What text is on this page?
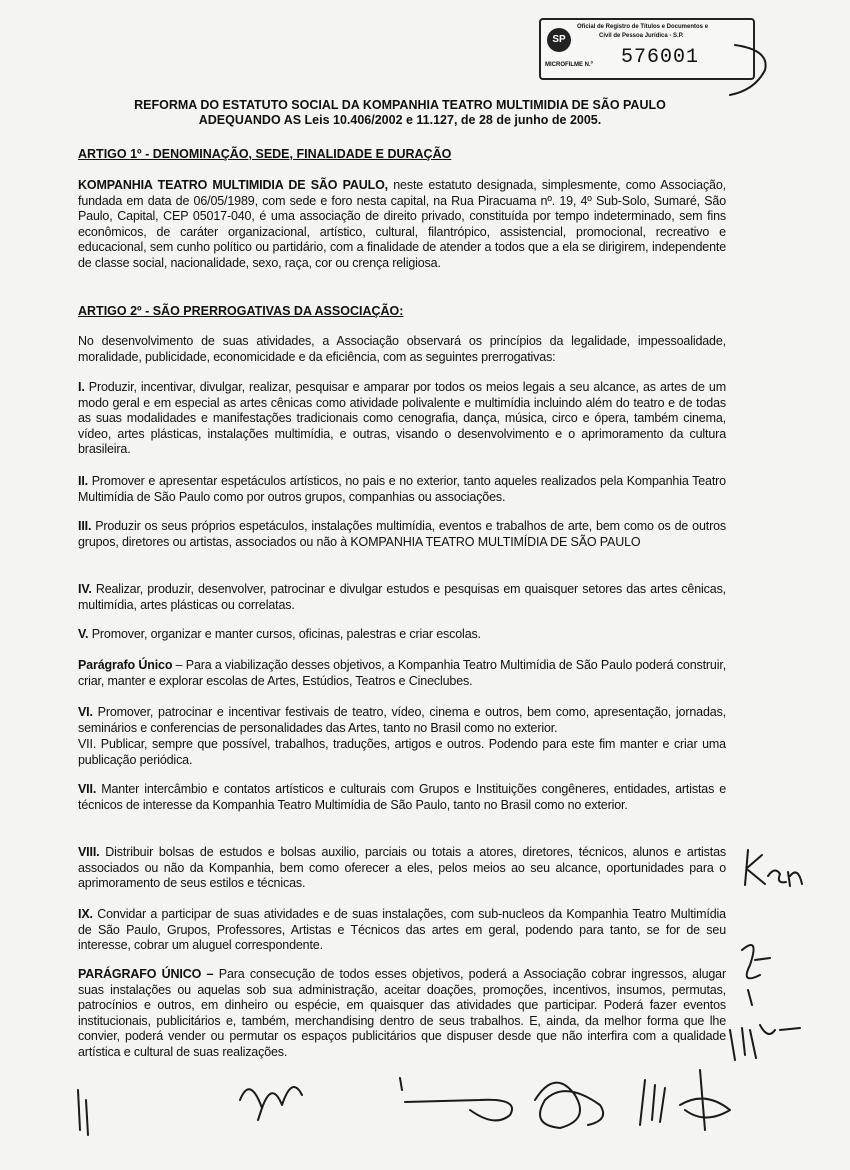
SP
Oficial de Registro de Títulos e Documentos e
Civil de Pessoa Jurídica - S.P.
576001
MICROFILME N.º
REFORMA DO ESTATUTO SOCIAL DA KOMPANHIA TEATRO MULTIMIDIA DE SÃO PAULO
ADEQUANDO AS Leis 10.406/2002 e 11.127, de 28 de junho de 2005.
ARTIGO 1º - DENOMINAÇÃO, SEDE, FINALIDADE E DURAÇÃO
KOMPANHIA TEATRO MULTIMIDIA DE SÃO PAULO, neste estatuto designada, simplesmente, como Associação, fundada em data de 06/05/1989, com sede e foro nesta capital, na Rua Piracuama nº. 19, 4º Sub-Solo, Sumaré, São Paulo, Capital, CEP 05017-040, é uma associação de direito privado, constituída por tempo indeterminado, sem fins econômicos, de caráter organizacional, artístico, cultural, filantrópico, assistencial, promocional, recreativo e educacional, sem cunho político ou partidário, com a finalidade de atender a todos que a ela se dirigirem, independente de classe social, nacionalidade, sexo, raça, cor ou crença religiosa.
ARTIGO 2º - SÃO PRERROGATIVAS DA ASSOCIAÇÃO:
No desenvolvimento de suas atividades, a Associação observará os princípios da legalidade, impessoalidade, moralidade, publicidade, economicidade e da eficiência, com as seguintes prerrogativas:
I. Produzir, incentivar, divulgar, realizar, pesquisar e amparar por todos os meios legais a seu alcance, as artes de um modo geral e em especial as artes cênicas como atividade polivalente e multimídia incluindo além do teatro e de todas as suas modalidades e manifestações tradicionais como cenografia, dança, música, circo e ópera, também cinema, vídeo, artes plásticas, instalações multimídia, e outras, visando o desenvolvimento e o aprimoramento da cultura brasileira.
II. Promover e apresentar espetáculos artísticos, no pais e no exterior, tanto aqueles realizados pela Kompanhia Teatro Multimídia de São Paulo como por outros grupos, companhias ou associações.
III. Produzir os seus próprios espetáculos, instalações multimídia, eventos e trabalhos de arte, bem como os de outros grupos, diretores ou artistas, associados ou não à KOMPANHIA TEATRO MULTIMÍDIA DE SÃO PAULO
IV. Realizar, produzir, desenvolver, patrocinar e divulgar estudos e pesquisas em quaisquer setores das artes cênicas, multimídia, artes plásticas ou correlatas.
V. Promover, organizar e manter cursos, oficinas, palestras e criar escolas.
Parágrafo Único – Para a viabilização desses objetivos, a Kompanhia Teatro Multimídia de São Paulo poderá construir, criar, manter e explorar escolas de Artes, Estúdios, Teatros e Cineclubes.
VI. Promover, patrocinar e incentivar festivais de teatro, vídeo, cinema e outros, bem como, apresentação, jornadas, seminários e conferencias de personalidades das Artes, tanto no Brasil como no exterior.
VII. Publicar, sempre que possível, trabalhos, traduções, artigos e outros. Podendo para este fim manter e criar uma publicação periódica.
VII. Manter intercâmbio e contatos artísticos e culturais com Grupos e Instituições congêneres, entidades, artistas e técnicos de interesse da Kompanhia Teatro Multimídia de São Paulo, tanto no Brasil como no exterior.
VIII. Distribuir bolsas de estudos e bolsas auxilio, parciais ou totais a atores, diretores, técnicos, alunos e artistas associados ou não da Kompanhia, bem como oferecer a eles, pelos meios ao seu alcance, oportunidades para o aprimoramento de seus estilos e técnicas.
IX. Convidar a participar de suas atividades e de suas instalações, com sub-nucleos da Kompanhia Teatro Multimídia de São Paulo, Grupos, Professores, Artistas e Técnicos das artes em geral, podendo para tanto, se for de seu interesse, cobrar um aluguel correspondente.
PARÁGRAFO ÚNICO – Para consecução de todos esses objetivos, poderá a Associação cobrar ingressos, alugar suas instalações ou aquelas sob sua administração, aceitar doações, promoções, incentivos, insumos, permutas, patrocínios e outros, em dinheiro ou espécie, em quaisquer das atividades que participar. Poderá fazer eventos institucionais, publicitários e, também, merchandising dentro de seus trabalhos. E, ainda, da melhor forma que lhe convier, poderá vender ou permutar os espaços publicitários que dispuser desde que não interfira com a qualidade artística e cultural de suas realizações.
